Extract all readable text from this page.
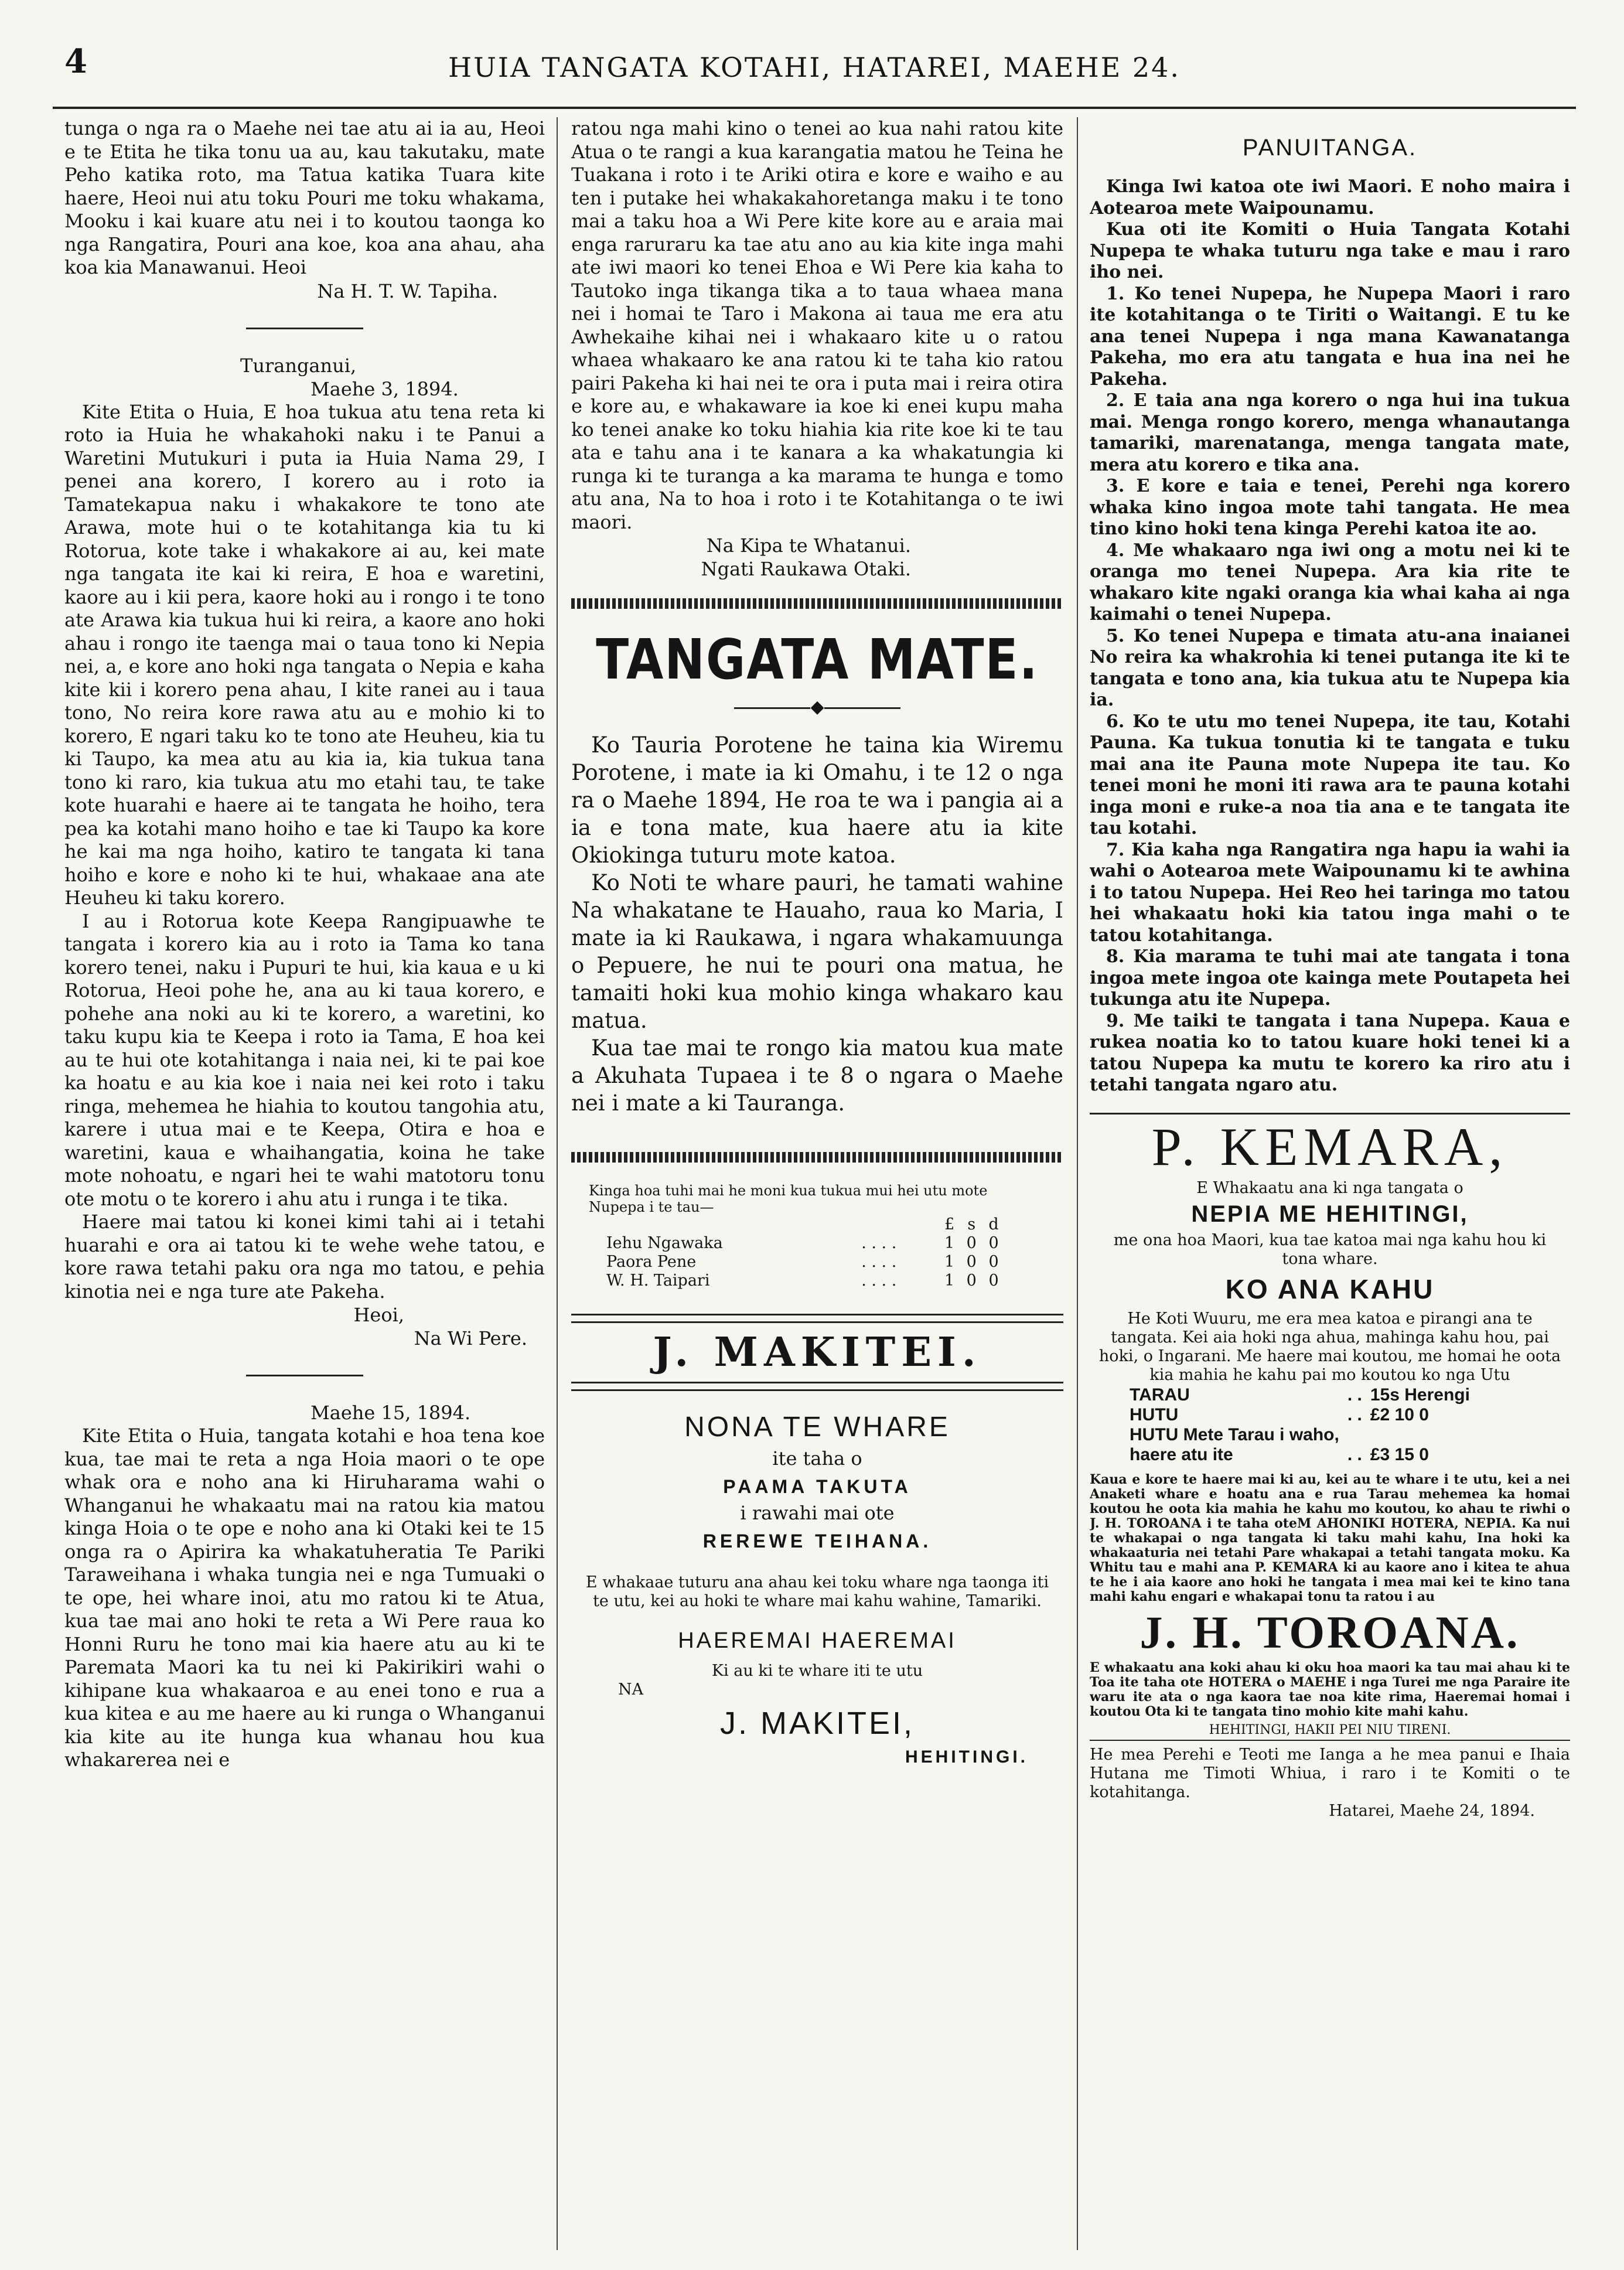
4	HUIA TANGATA KOTAHI, HATAREI, MAEHE 24.

tunga o nga ra o Maehe nei tae atu ai ia au, Heoi e te Etita he tika tonu ua au, kau takutaku, mate Peho katika roto, ma Tatua katika Tuara kite haere, Heoi nui atu toku Pouri me toku whakama, Mooku i kai kuare atu nei i to koutou taonga ko nga Rangatira, Pouri ana koe, koa ana ahau, aha koa kia Manawanui. Heoi

Na H. T. W. Tapiha.
Turanganui,
Maehe 3, 1894.

Kite Etita o Huia, E hoa tukua atu tena reta ki roto ia Huia he whakahoki naku i te Panui a Waretini Mutukuri i puta ia Huia Nama 29, I penei ana korero, I korero au i roto ia Tamatekapua naku i whakakore te tono ate Arawa, mote hui o te kotahitanga kia tu ki Rotorua, kote take i whakakore ai au, kei mate nga tangata ite kai ki reira, E hoa e waretini, kaore au i kii pera, kaore hoki au i rongo i te tono ate Arawa kia tukua hui ki reira, a kaore ano hoki ahau i rongo ite taenga mai o taua tono ki Nepia nei, a, e kore ano hoki nga tangata o Nepia e kaha kite kii i korero pena ahau, I kite ranei au i taua tono, No reira kore rawa atu au e mohio ki to korero, E ngari taku ko te tono ate Heuheu, kia tu ki Taupo, ka mea atu au kia ia, kia tukua tana tono ki raro, kia tukua atu mo etahi tau, te take kote huarahi e haere ai te tangata he hoiho, tera pea ka kotahi mano hoiho e tae ki Taupo ka kore he kai ma nga hoiho, katiro te tangata ki tana hoiho e kore e noho ki te hui, whakaae ana ate Heuheu ki taku korero.

I au i Rotorua kote Keepa Rangipuawhe te tangata i korero kia au i roto ia Tama ko tana korero tenei, naku i Pupuri te hui, kia kaua e u ki Rotorua, Heoi pohe he, ana au ki taua korero, e pohehe ana noki au ki te korero, a waretini, ko taku kupu kia te Keepa i roto ia Tama, E hoa kei au te hui ote kotahitanga i naia nei, ki te pai koe ka hoatu e au kia koe i naia nei kei roto i taku ringa, mehemea he hiahia to koutou tangohia atu, karere i utua mai e te Keepa, Otira e hoa e waretini, kaua e whaihangatia, koina he take mote nohoatu, e ngari hei te wahi matotoru tonu ote motu o te korero i ahu atu i runga i te tika.

Haere mai tatou ki konei kimi tahi ai i tetahi huarahi e ora ai tatou ki te wehe wehe tatou, e kore rawa tetahi paku ora nga mo tatou, e pehia kinotia nei e nga ture ate Pakeha.

Heoi,
Na Wi Pere.
Maehe 15, 1894.

Kite Etita o Huia, tangata kotahi e hoa tena koe kua, tae mai te reta a nga Hoia maori o te ope whak ora e noho ana ki Hiruharama wahi o Whanganui he whakaatu mai na ratou kia matou kinga Hoia o te ope e noho ana ki Otaki kei te 15 onga ra o Apirira ka whakatuheratia Te Pariki Taraweihana i whaka tungia nei e nga Tumuaki o te ope, hei whare inoi, atu mo ratou ki te Atua, kua tae mai ano hoki te reta a Wi Pere raua ko Honni Ruru he tono mai kia haere atu au ki te Paremata Maori ka tu nei ki Pakirikiri wahi o kihipane kua whakaaroa e au enei tono e rua a kua kitea e au me haere au ki runga o Whanganui kia kite au ite hunga kua whanau hou kua whakarerea nei e

ratou nga mahi kino o tenei ao kua nahi ratou kite Atua o te rangi a kua karangatia matou he Teina he Tuakana i roto i te Ariki otira e kore e waiho e au ten i putake hei whakakahoretanga maku i te tono mai a taku hoa a Wi Pere kite kore au e araia mai enga raruraru ka tae atu ano au kia kite inga mahi ate iwi maori ko tenei Ehoa e Wi Pere kia kaha to Tautoko inga tikanga tika a to taua whaea mana nei i homai te Taro i Makona ai taua me era atu Awhekaihe kihai nei i whakaaro kite u o ratou whaea whakaaro ke ana ratou ki te taha kio ratou pairi Pakeha ki hai nei te ora i puta mai i reira otira e kore au, e whakaware ia koe ki enei kupu maha ko tenei anake ko toku hiahia kia rite koe ki te tau ata e tahu ana i te kanara a ka whakatungia ki runga ki te turanga a ka marama te hunga e tomo atu ana, Na to hoa i roto i te Kotahitanga o te iwi maori.

Na Kipa te Whatanui.
Ngati Raukawa Otaki.
TANGATA MATE.
◆

Ko Tauria Porotene he taina kia Wiremu Porotene, i mate ia ki Omahu, i te 12 o nga ra o Maehe 1894, He roa te wa i pangia ai a ia e tona mate, kua haere atu ia kite Okiokinga tuturu mote katoa.

Ko Noti te whare pauri, he tamati wahine Na whakatane te Hauaho, raua ko Maria, I mate ia ki Raukawa, i ngara whakamuunga o Pepuere, he nui te pouri ona matua, he tamaiti hoki kua mohio kinga whakaro kau matua.

Kua tae mai te rongo kia matou kua mate a Akuhata Tupaea i te 8 o ngara o Maehe nei i mate a ki Tauranga.

Kinga hoa tuhi mai he moni kua tukua mui hei utu mote Nupepa i te tau—
		£	s	d
Iehu Ngawaka	. . . .	1	0	0
Paora Pene	. . . .	1	0	0
W. H. Taipari	. . . .	1	0	0
J. MAKITEI.
NONA TE WHARE
ite taha o
PAAMA TAKUTA
i rawahi mai ote
REREWE TEIHANA.
E whakaae tuturu ana ahau kei toku whare nga taonga iti te utu, kei au hoki te whare mai kahu wahine, Tamariki.
HAEREMAI HAEREMAI
Ki au ki te whare iti te utu
NA
J. MAKITEI,
HEHITINGI.
PANUITANGA.

Kinga Iwi katoa ote iwi Maori. E noho maira i Aotearoa mete Waipounamu.

Kua oti ite Komiti o Huia Tangata Kotahi Nupepa te whaka tuturu nga take e mau i raro iho nei.

1. Ko tenei Nupepa, he Nupepa Maori i raro ite kotahitanga o te Tiriti o Waitangi. E tu ke ana tenei Nupepa i nga mana Kawanatanga Pakeha, mo era atu tangata e hua ina nei he Pakeha.

2. E taia ana nga korero o nga hui ina tukua mai. Menga rongo korero, menga whanautanga tamariki, marenatanga, menga tangata mate, mera atu korero e tika ana.

3. E kore e taia e tenei, Perehi nga korero whaka kino ingoa mote tahi tangata. He mea tino kino hoki tena kinga Perehi katoa ite ao.

4. Me whakaaro nga iwi ong a motu nei ki te oranga mo tenei Nupepa. Ara kia rite te whakaro kite ngaki oranga kia whai kaha ai nga kaimahi o tenei Nupepa.

5. Ko tenei Nupepa e timata atu-ana inaianei No reira ka whakrohia ki tenei putanga ite ki te tangata e tono ana, kia tukua atu te Nupepa kia ia.

6. Ko te utu mo tenei Nupepa, ite tau, Kotahi Pauna. Ka tukua tonutia ki te tangata e tuku mai ana ite Pauna mote Nupepa ite tau. Ko tenei moni he moni iti rawa ara te pauna kotahi inga moni e ruke-a noa tia ana e te tangata ite tau kotahi.

7. Kia kaha nga Rangatira nga hapu ia wahi ia wahi o Aotearoa mete Waipounamu ki te awhina i to tatou Nupepa. Hei Reo hei taringa mo tatou hei whakaatu hoki kia tatou inga mahi o te tatou kotahitanga.

8. Kia marama te tuhi mai ate tangata i tona ingoa mete ingoa ote kainga mete Poutapeta hei tukunga atu ite Nupepa.

9. Me taiki te tangata i tana Nupepa. Kaua e rukea noatia ko to tatou kuare hoki tenei ki a tatou Nupepa ka mutu te korero ka riro atu i tetahi tangata ngaro atu.

P. KEMARA,
E Whakaatu ana ki nga tangata o
NEPIA ME HEHITINGI,
me ona hoa Maori, kua tae katoa mai nga kahu hou ki tona whare.
KO ANA KAHU
He Koti Wuuru, me era mea katoa e pirangi ana te tangata. Kei aia hoki nga ahua, mahinga kahu hou, pai hoki, o Ingarani. Me haere mai koutou, me homai he oota kia mahia he kahu pai mo koutou ko nga Utu
TARAU	. .	15s Herengi
HUTU	. .	£2 10 0
HUTU Mete Tarau i waho,		
haere atu ite	. .	£3 15 0
Kaua e kore te haere mai ki au, kei au te whare i te utu, kei a nei Anaketi whare e hoatu ana e rua Tarau mehemea ka homai koutou he oota kia mahia he kahu mo koutou, ko ahau te riwhi o J. H. TOROANA i te taha oteM AHONIKI HOTERA, NEPIA. Ka nui te whakapai o nga tangata ki taku mahi kahu, Ina hoki ka whakaaturia nei tetahi Pare whakapai a tetahi tangata moku. Ka Whitu tau e mahi ana P. KEMARA ki au kaore ano i kitea te ahua te he i aia kaore ano hoki he tangata i mea mai kei te kino tana mahi kahu engari e whakapai tonu ta ratou i au
J. H. TOROANA.
E whakaatu ana koki ahau ki oku hoa maori ka tau mai ahau ki te Toa ite taha ote HOTERA o MAEHE i nga Turei me nga Paraire ite waru ite ata o nga kaora tae noa kite rima, Haeremai homai i koutou Ota ki te tangata tino mohio kite mahi kahu.
HEHITINGI, HAKII PEI NIU TIRENI.
He mea Perehi e Teoti me Ianga a he mea panui e Ihaia Hutana me Timoti Whiua, i raro i te Komiti o te kotahitanga.
Hatarei, Maehe 24, 1894.
